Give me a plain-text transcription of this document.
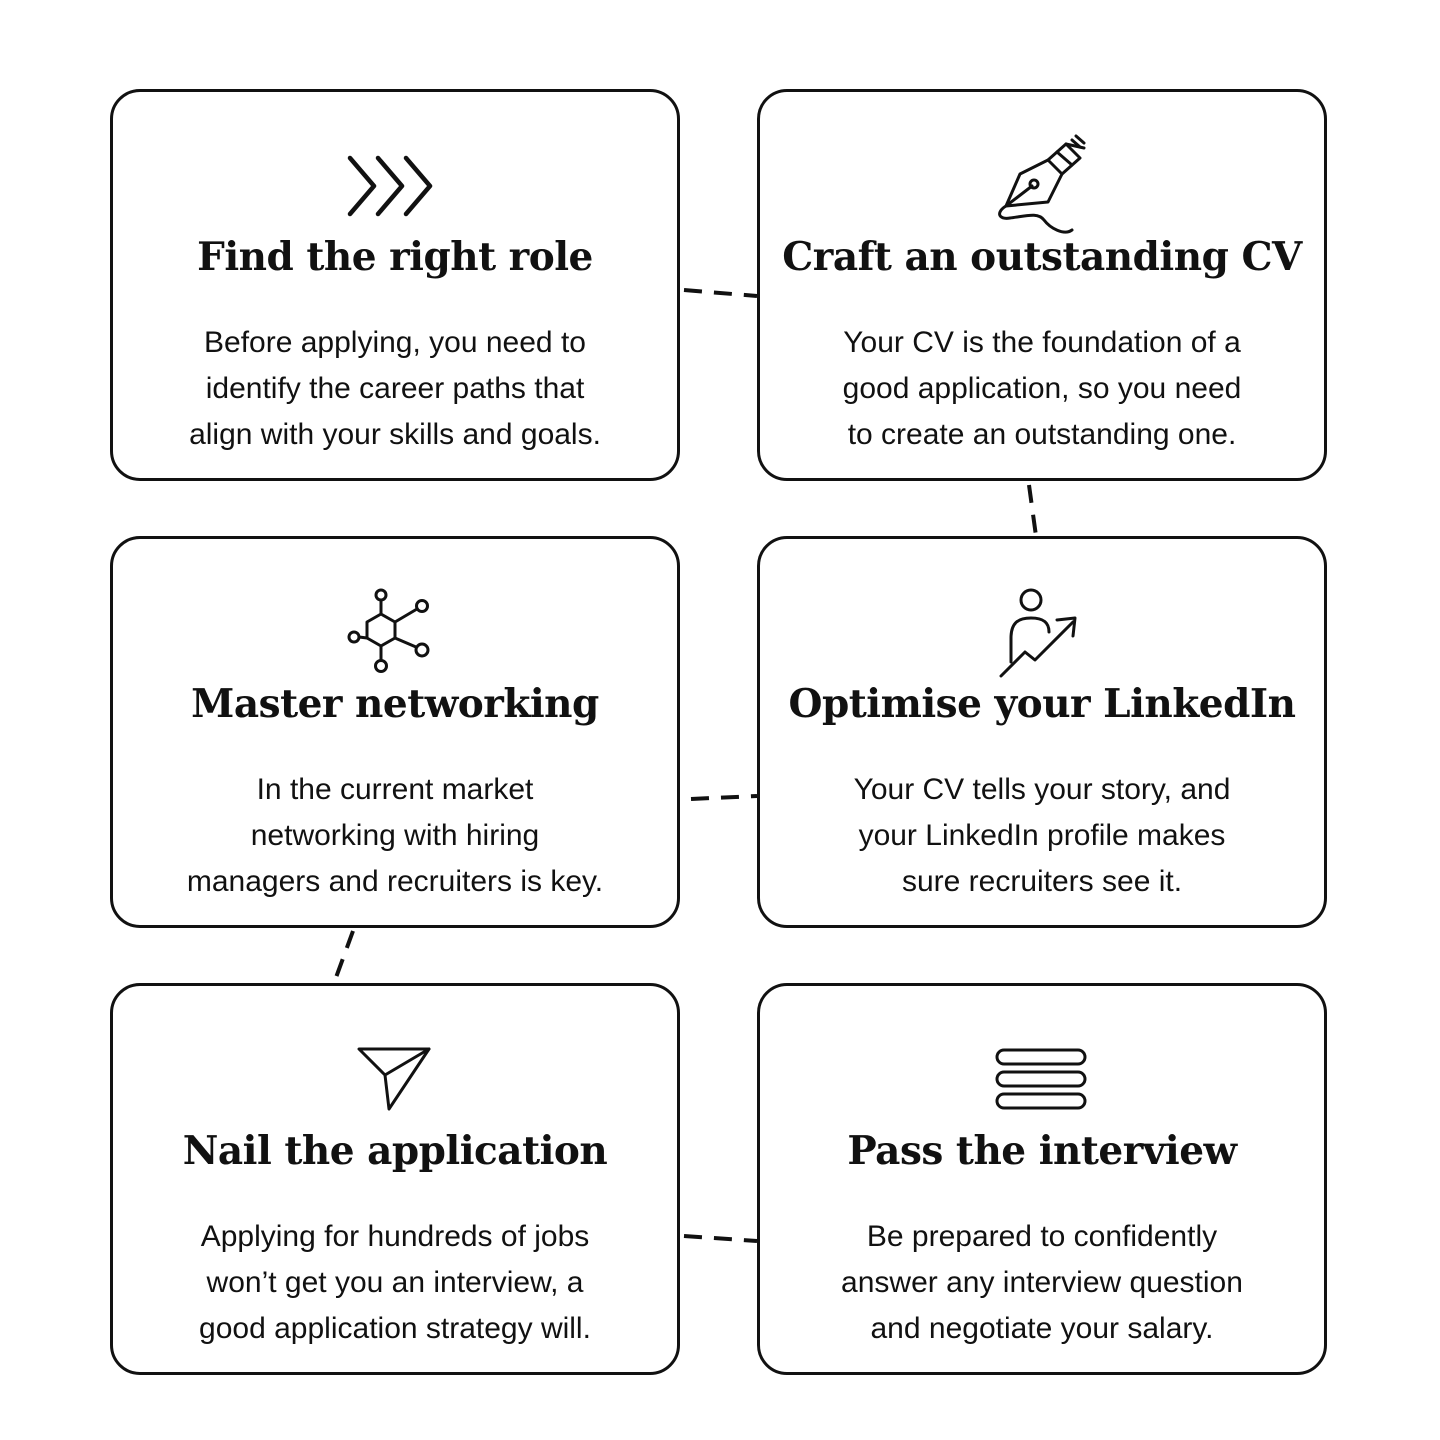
Find the right role
Before applying, you need to
identify the career paths that
align with your skills and goals.
Craft an outstanding CV
Your CV is the foundation of a
good application, so you need
to create an outstanding one.
Master networking
In the current market
networking with hiring
managers and recruiters is key.
Optimise your LinkedIn
Your CV tells your story, and
your LinkedIn profile makes
sure recruiters see it.
Nail the application
Applying for hundreds of jobs
won’t get you an interview, a
good application strategy will.
Pass the interview
Be prepared to confidently
answer any interview question
and negotiate your salary.
